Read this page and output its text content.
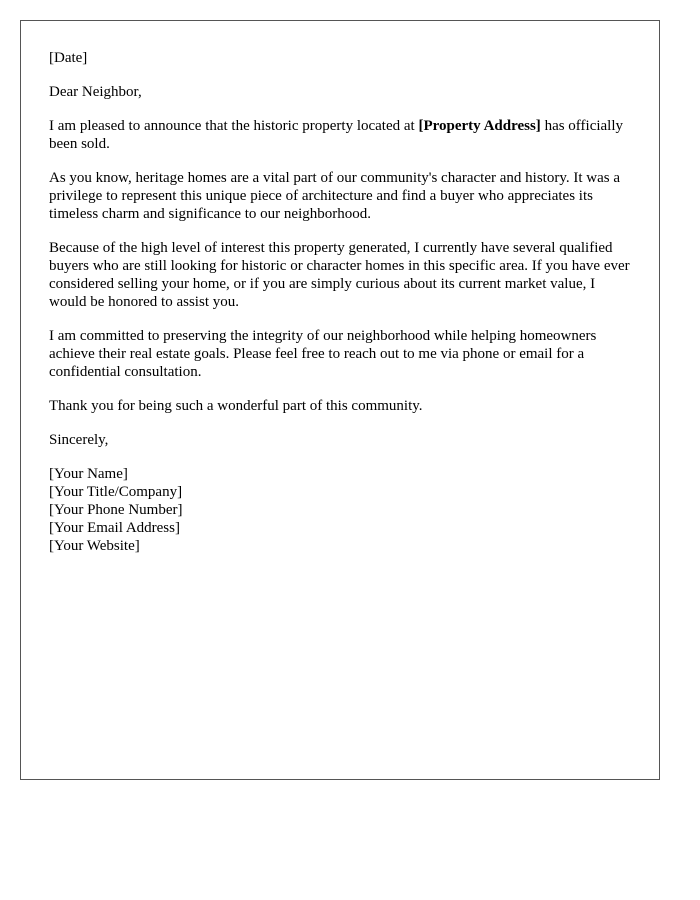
[Date]

Dear Neighbor,

I am pleased to announce that the historic property located at [Property Address] has officially been sold.

As you know, heritage homes are a vital part of our community's character and history. It was a privilege to represent this unique piece of architecture and find a buyer who appreciates its timeless charm and significance to our neighborhood.

Because of the high level of interest this property generated, I currently have several qualified buyers who are still looking for historic or character homes in this specific area. If you have ever considered selling your home, or if you are simply curious about its current market value, I would be honored to assist you.

I am committed to preserving the integrity of our neighborhood while helping homeowners achieve their real estate goals. Please feel free to reach out to me via phone or email for a confidential consultation.

Thank you for being such a wonderful part of this community.

Sincerely,

[Your Name]

[Your Title/Company]

[Your Phone Number]

[Your Email Address]

[Your Website]
